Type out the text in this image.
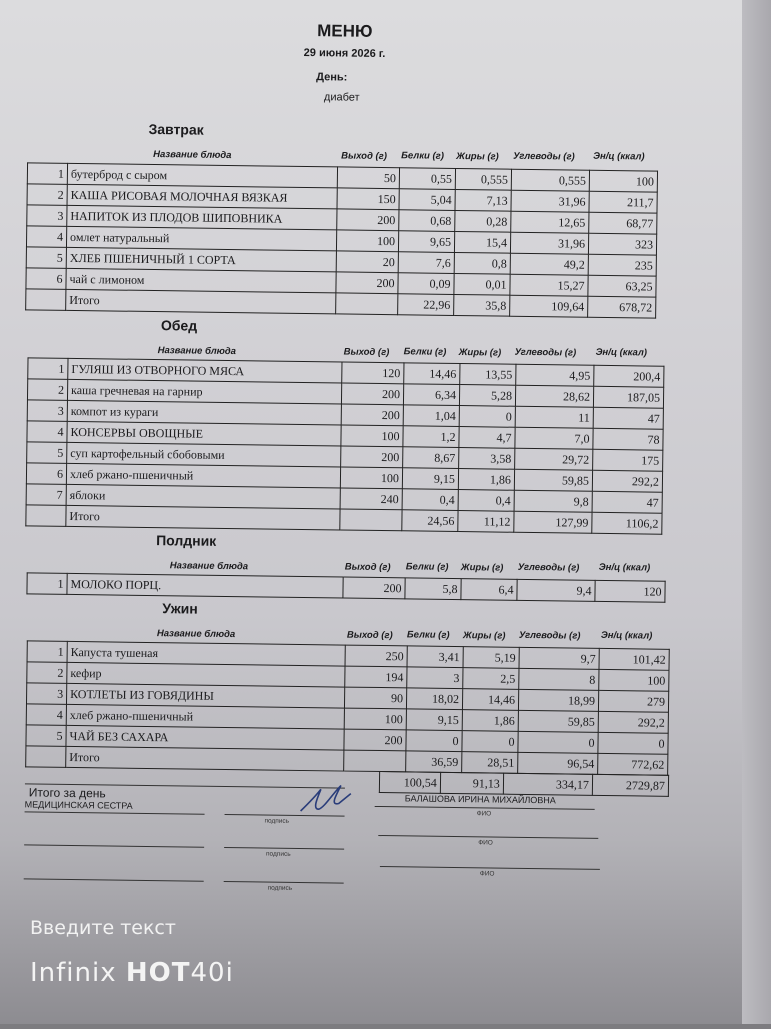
МЕНЮ
29 июня 2026 г.
День:
диабет
Завтрак
Название блюда	Выход (г) Белки (г) Жиры (г) Углеводы (г) Эн/ц (ккал)
1	бутерброд с сыром	50	0,55	0,555	0,555	100
2	КАША РИСОВАЯ МОЛОЧНАЯ ВЯЗКАЯ	150	5,04	7,13	31,96	211,7
3	НАПИТОК ИЗ ПЛОДОВ ШИПОВНИКА	200	0,68	0,28	12,65	68,77
4	омлет натуральный	100	9,65	15,4	31,96	323
5	ХЛЕБ ПШЕНИЧНЫЙ 1 СОРТА	20	7,6	0,8	49,2	235
6	чай с лимоном	200	0,09	0,01	15,27	63,25
	Итого		22,96	35,8	109,64	678,72
Обед
Название блюда	Выход (г) Белки (г) Жиры (г) Углеводы (г) Эн/ц (ккал)
1	ГУЛЯШ ИЗ ОТВОРНОГО МЯСА	120	14,46	13,55	4,95	200,4
2	каша гречневая на гарнир	200	6,34	5,28	28,62	187,05
3	компот из кураги	200	1,04	0	11	47
4	КОНСЕРВЫ ОВОЩНЫЕ	100	1,2	4,7	7,0	78
5	суп картофельный сбобовыми	200	8,67	3,58	29,72	175
6	хлеб ржано-пшеничный	100	9,15	1,86	59,85	292,2
7	яблоки	240	0,4	0,4	9,8	47
	Итого		24,56	11,12	127,99	1106,2
Полдник
Название блюда	Выход (г) Белки (г) Жиры (г) Углеводы (г) Эн/ц (ккал)
1	МОЛОКО ПОРЦ.	200	5,8	6,4	9,4	120
Ужин
Название блюда	Выход (г) Белки (г) Жиры (г) Углеводы (г) Эн/ц (ккал)
1	Капуста тушеная	250	3,41	5,19	9,7	101,42
2	кефир	194	3	2,5	8	100
3	КОТЛЕТЫ ИЗ ГОВЯДИНЫ	90	18,02	14,46	18,99	279
4	хлеб ржано-пшеничный	100	9,15	1,86	59,85	292,2
5	ЧАЙ БЕЗ САХАРА	200	0	0	0	0
	Итого		36,59	28,51	96,54	772,62
100,54	91,13	334,17	2729,87
Итого за день
МЕДИЦИНСКАЯ СЕСТРА
подпись
БАЛАШОВА ИРИНА МИХАЙЛОВНА
ФИО
подпись
ФИО
подпись
ФИО
Введите текст
Infinix HOT40i
